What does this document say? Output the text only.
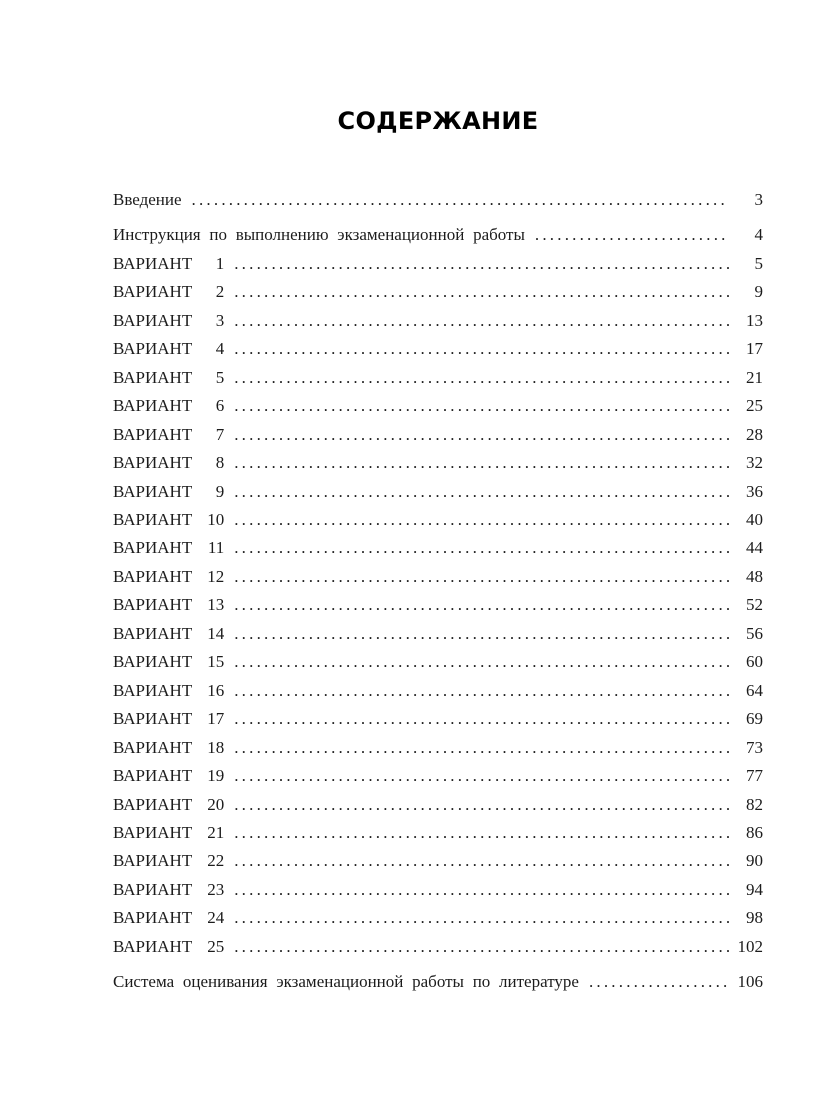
СОДЕРЖАНИЕ
Введение .....	3
Инструкция по выполнению экзаменационной работы .....	4
ВАРИАНТ	1 .....	5
ВАРИАНТ	2 .....	9
ВАРИАНТ	3 .....	13
ВАРИАНТ	4 .....	17
ВАРИАНТ	5 .....	21
ВАРИАНТ	6 .....	25
ВАРИАНТ	7 .....	28
ВАРИАНТ	8 .....	32
ВАРИАНТ	9 .....	36
ВАРИАНТ 10 .....	40
ВАРИАНТ 11 .....	44
ВАРИАНТ 12 .....	48
ВАРИАНТ 13 .....	52
ВАРИАНТ 14 .....	56
ВАРИАНТ 15 .....	60
ВАРИАНТ 16 .....	64
ВАРИАНТ 17 .....	69
ВАРИАНТ 18 .....	73
ВАРИАНТ 19 .....	77
ВАРИАНТ 20 .....	82
ВАРИАНТ 21 .....	86
ВАРИАНТ 22 .....	90
ВАРИАНТ 23 .....	94
ВАРИАНТ 24 .....	98
ВАРИАНТ 25 .....	102
Система оценивания экзаменационной работы по литературе .....	106
